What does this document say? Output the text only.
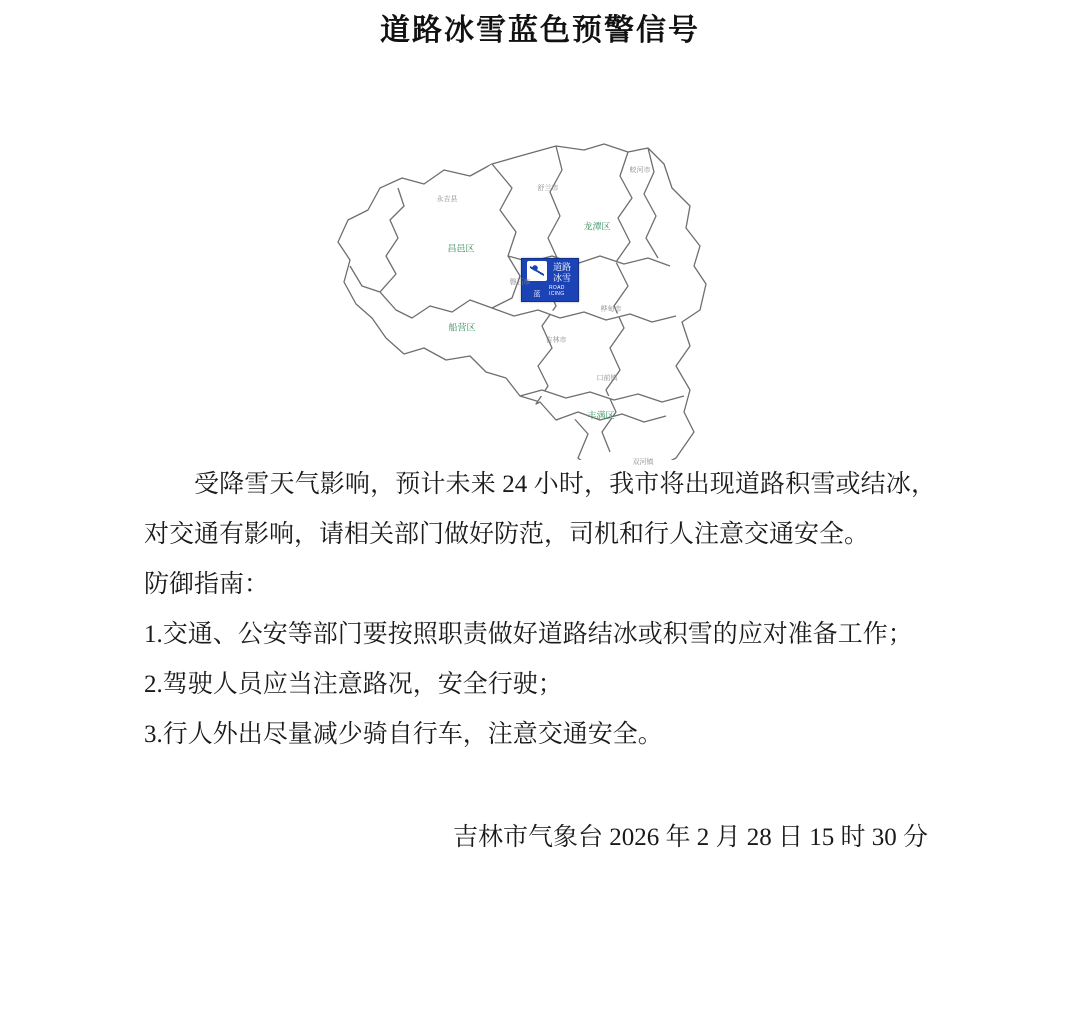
道路冰雪蓝色预警信号
蓝
道路
冰雪
ROAD ICING
龙潭区
昌邑区
船营区
丰满区
舒兰市
蛟河市
永吉县
磐石市
桦甸市
吉林市
口前镇
双河镇

受降雪天气影响，预计未来 24 小时，我市将出现道路积雪或结冰，对交通有影响，请相关部门做好防范，司机和行人注意交通安全。

防御指南：

1.交通、公安等部门要按照职责做好道路结冰或积雪的应对准备工作；

2.驾驶人员应当注意路况，安全行驶；

3.行人外出尽量减少骑自行车，注意交通安全。

吉林市气象台 2026 年 2 月 28 日 15 时 30 分
